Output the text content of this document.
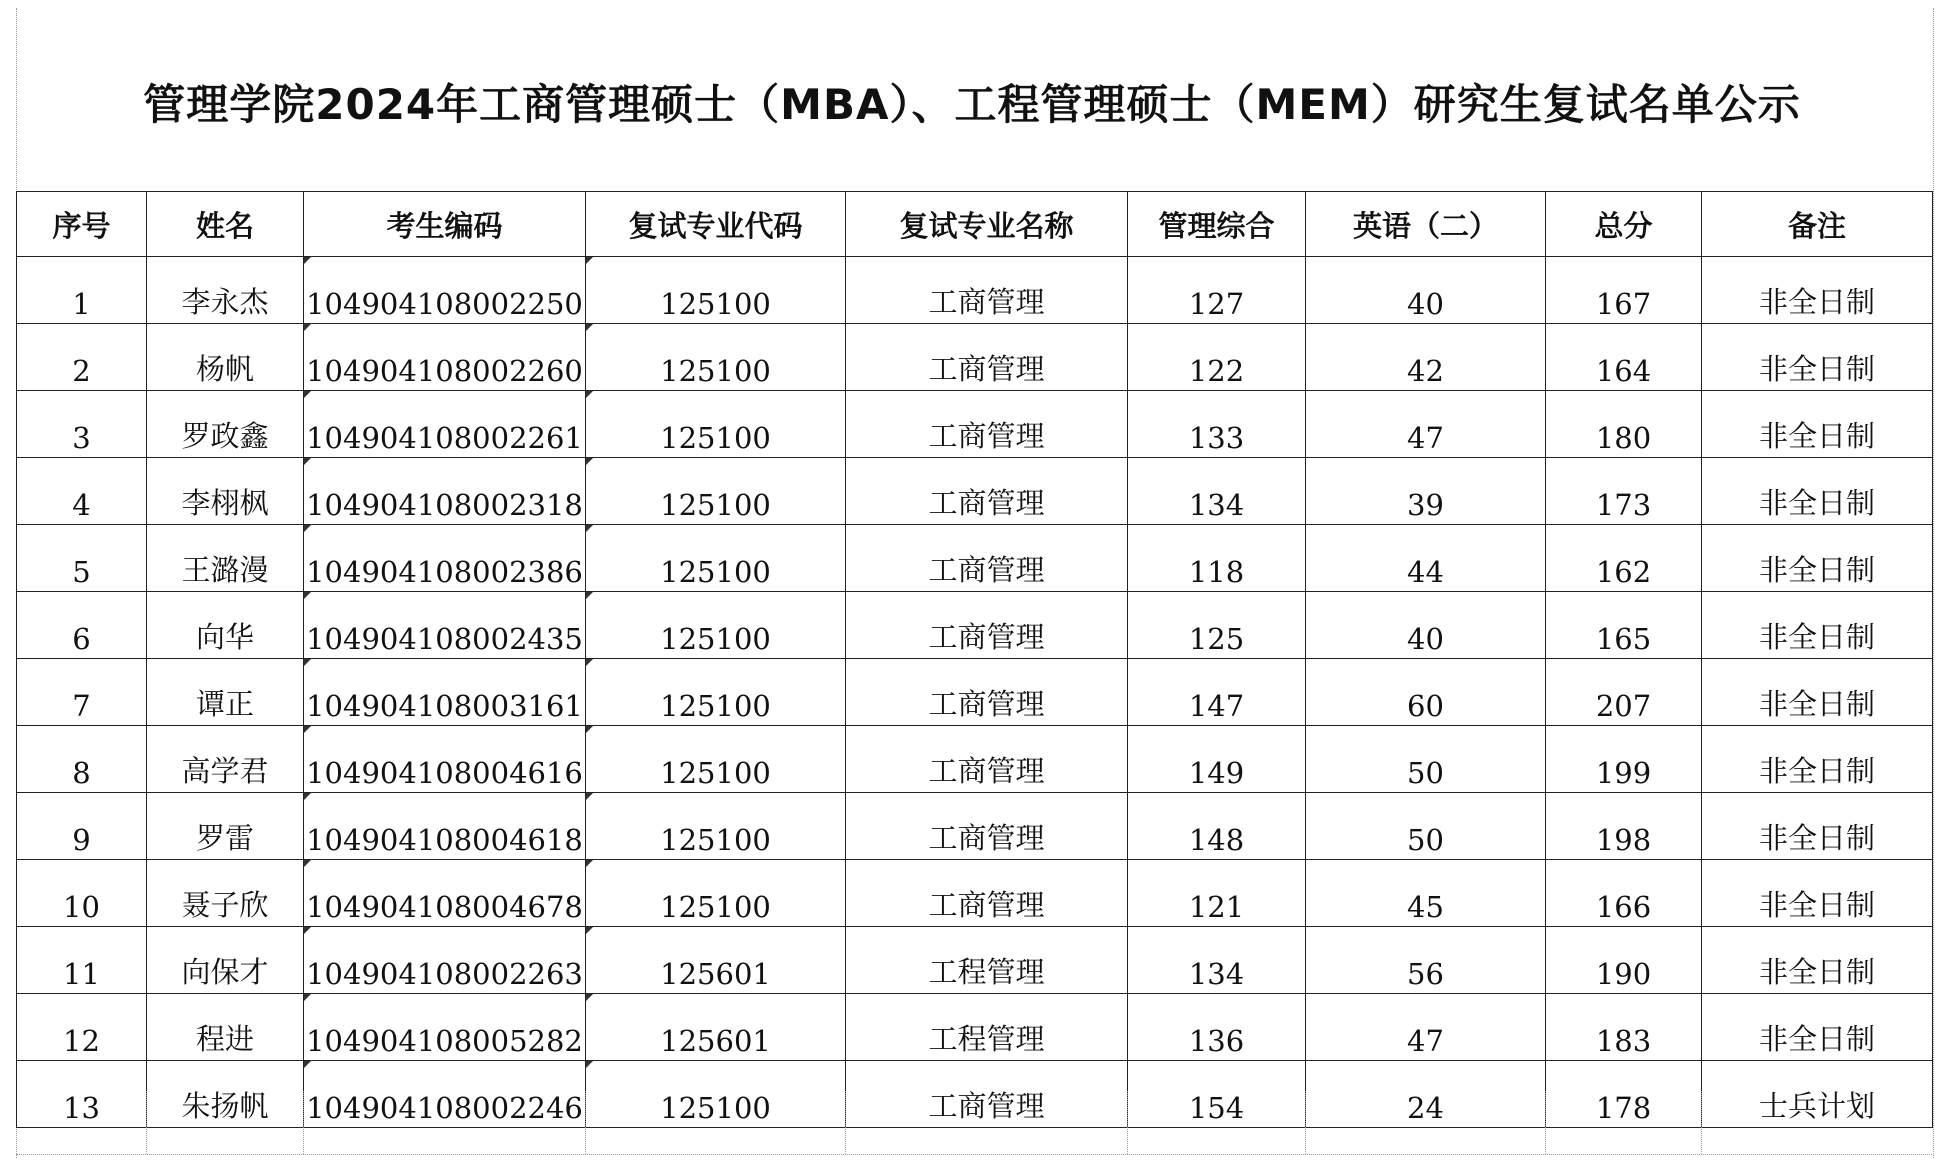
管理学院2024年工商管理硕士（MBA）、工程管理硕士（MEM）研究生复试名单公示
序号	姓名	考生编码	复试专业代码	复试专业名称	管理综合	英语（二）	总分	备注
1	李永杰	104904108002250	125100	工商管理	127	40	167	非全日制
2	杨帆	104904108002260	125100	工商管理	122	42	164	非全日制
3	罗政鑫	104904108002261	125100	工商管理	133	47	180	非全日制
4	李栩枫	104904108002318	125100	工商管理	134	39	173	非全日制
5	王潞漫	104904108002386	125100	工商管理	118	44	162	非全日制
6	向华	104904108002435	125100	工商管理	125	40	165	非全日制
7	谭正	104904108003161	125100	工商管理	147	60	207	非全日制
8	高学君	104904108004616	125100	工商管理	149	50	199	非全日制
9	罗雷	104904108004618	125100	工商管理	148	50	198	非全日制
10	聂子欣	104904108004678	125100	工商管理	121	45	166	非全日制
11	向保才	104904108002263	125601	工程管理	134	56	190	非全日制
12	程进	104904108005282	125601	工程管理	136	47	183	非全日制
13	朱扬帆	104904108002246	125100	工商管理	154	24	178	士兵计划
